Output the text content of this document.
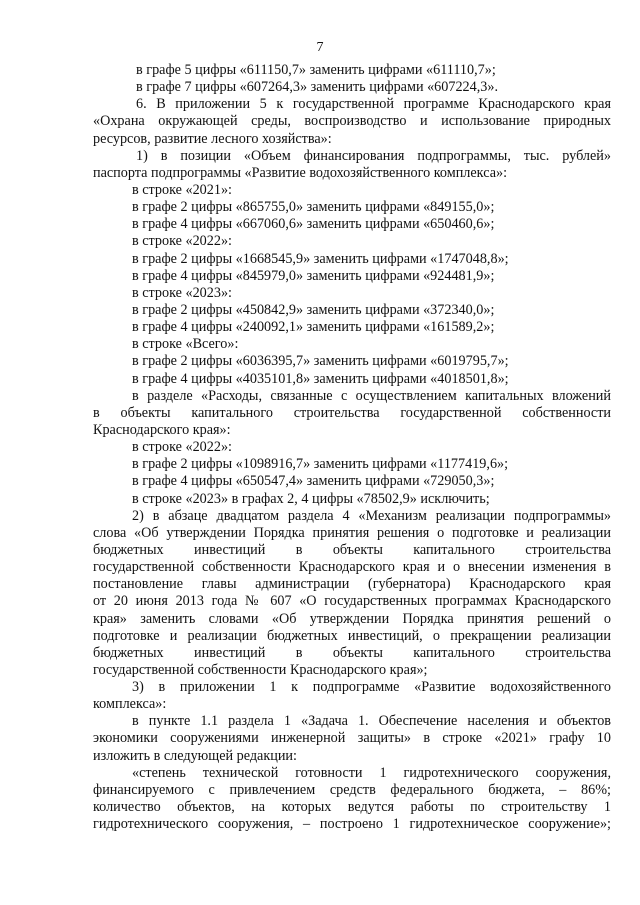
7
в графе 5 цифры «611150,7» заменить цифрами «611110,7»;
в графе 7 цифры «607264,3» заменить цифрами «607224,3».
6. В приложении 5 к государственной программе Краснодарского края
«Охрана окружающей среды, воспроизводство и использование природных
ресурсов, развитие лесного хозяйства»:
1) в позиции «Объем финансирования подпрограммы, тыс. рублей»
паспорта подпрограммы «Развитие водохозяйственного комплекса»:
в строке «2021»:
в графе 2 цифры «865755,0» заменить цифрами «849155,0»;
в графе 4 цифры «667060,6» заменить цифрами «650460,6»;
в строке «2022»:
в графе 2 цифры «1668545,9» заменить цифрами «1747048,8»;
в графе 4 цифры «845979,0» заменить цифрами «924481,9»;
в строке «2023»:
в графе 2 цифры «450842,9» заменить цифрами «372340,0»;
в графе 4 цифры «240092,1» заменить цифрами «161589,2»;
в строке «Всего»:
в графе 2 цифры «6036395,7» заменить цифрами «6019795,7»;
в графе 4 цифры «4035101,8» заменить цифрами «4018501,8»;
в разделе «Расходы, связанные с осуществлением капитальных вложений
в объекты капитального строительства государственной собственности
Краснодарского края»:
в строке «2022»:
в графе 2 цифры «1098916,7» заменить цифрами «1177419,6»;
в графе 4 цифры «650547,4» заменить цифрами «729050,3»;
в строке «2023» в графах 2, 4 цифры «78502,9» исключить;
2) в абзаце двадцатом раздела 4 «Механизм реализации подпрограммы»
слова «Об утверждении Порядка принятия решения о подготовке и реализации
бюджетных инвестиций в объекты капитального строительства
государственной собственности Краснодарского края и о внесении изменения в
постановление главы администрации (губернатора) Краснодарского края
от 20 июня 2013 года № 607 «О государственных программах Краснодарского
края» заменить словами «Об утверждении Порядка принятия решений о
подготовке и реализации бюджетных инвестиций, о прекращении реализации
бюджетных инвестиций в объекты капитального строительства
государственной собственности Краснодарского края»;
3) в приложении 1 к подпрограмме «Развитие водохозяйственного
комплекса»:
в пункте 1.1 раздела 1 «Задача 1. Обеспечение населения и объектов
экономики сооружениями инженерной защиты» в строке «2021» графу 10
изложить в следующей редакции:
«степень технической готовности 1 гидротехнического сооружения,
финансируемого с привлечением средств федерального бюджета, – 86%;
количество объектов, на которых ведутся работы по строительству 1
гидротехнического сооружения, – построено 1 гидротехническое сооружение»;
